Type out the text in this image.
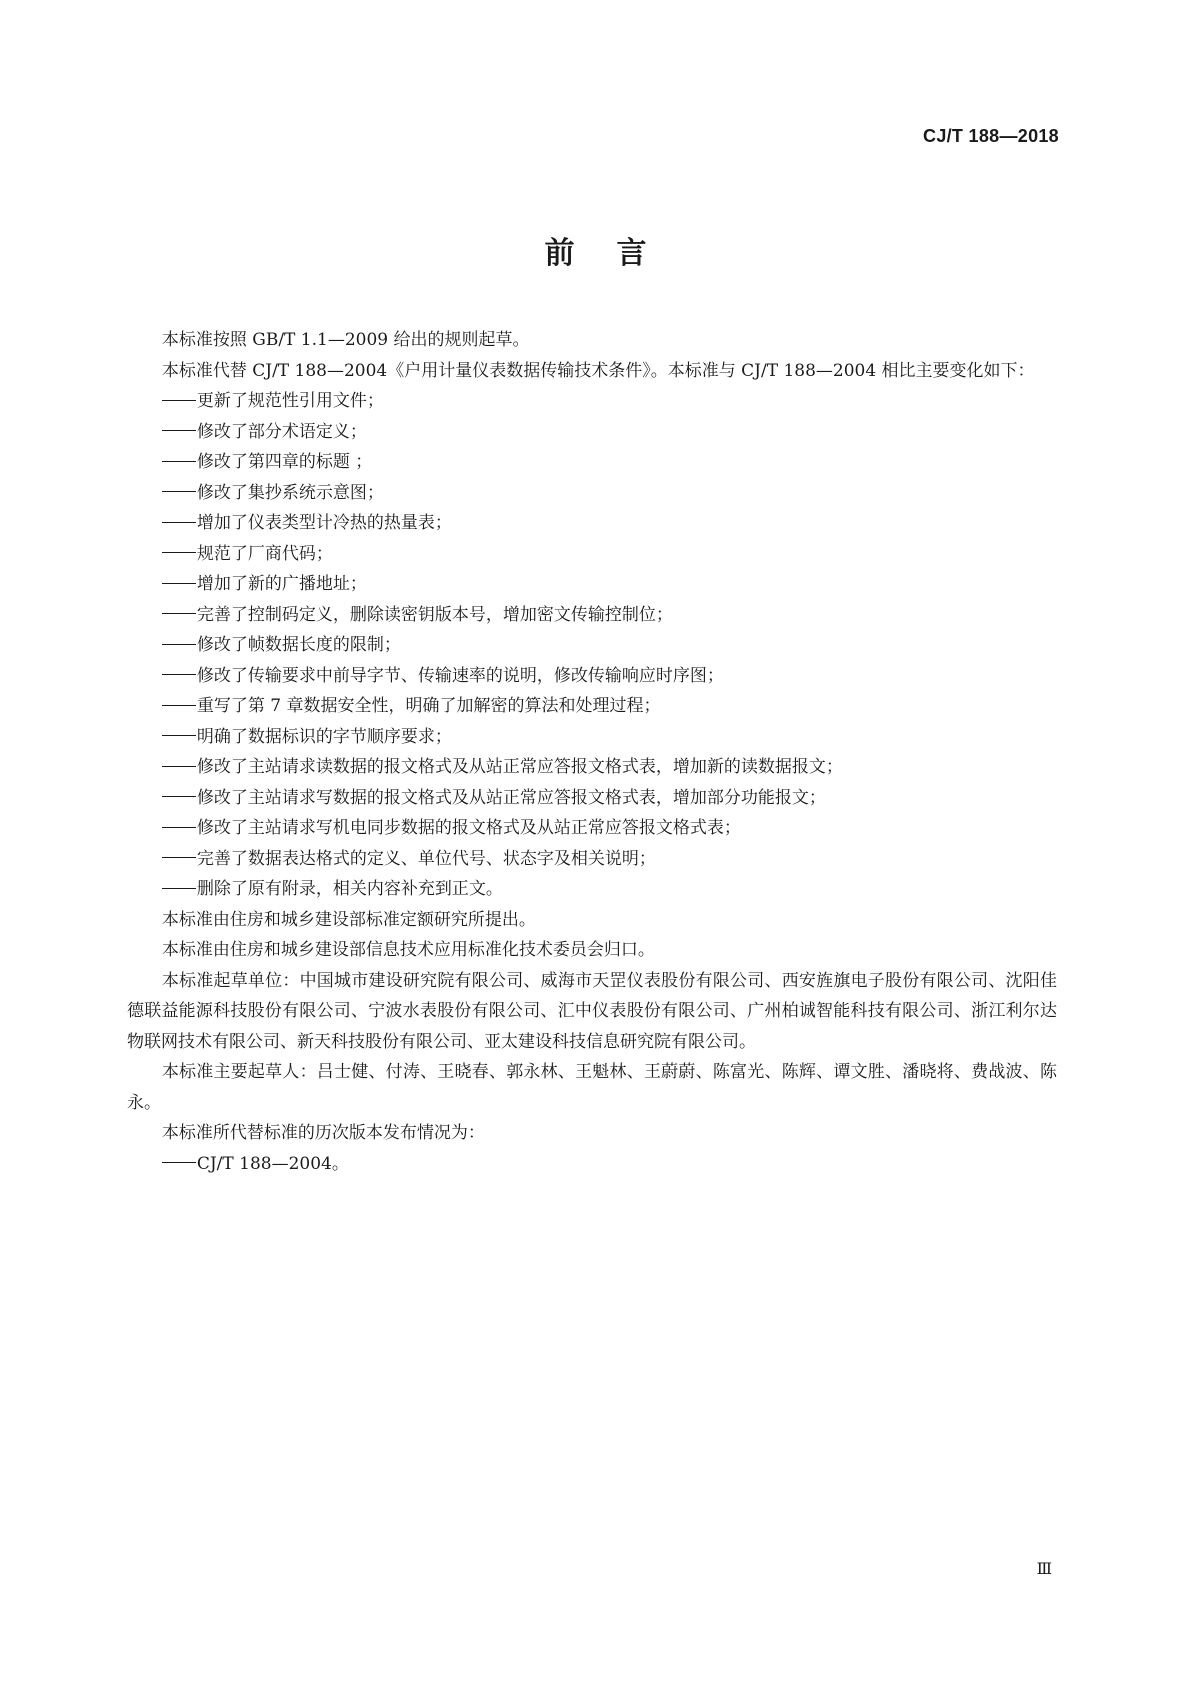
CJ/T 188—2018
前言

本标准按照 GB/T 1.1—2009 给出的规则起草。

本标准代替 CJ/T 188—2004《户用计量仪表数据传输技术条件》。本标准与 CJ/T 188—2004 相比主要变化如下：

更新了规范性引用文件；

修改了部分术语定义；

修改了第四章的标题 ；

修改了集抄系统示意图；

增加了仪表类型计冷热的热量表；

规范了厂商代码；

增加了新的广播地址；

完善了控制码定义，删除读密钥版本号，增加密文传输控制位；

修改了帧数据长度的限制；

修改了传输要求中前导字节、传输速率的说明，修改传输响应时序图；

重写了第 7 章数据安全性，明确了加解密的算法和处理过程；

明确了数据标识的字节顺序要求；

修改了主站请求读数据的报文格式及从站正常应答报文格式表，增加新的读数据报文；

修改了主站请求写数据的报文格式及从站正常应答报文格式表，增加部分功能报文；

修改了主站请求写机电同步数据的报文格式及从站正常应答报文格式表；

完善了数据表达格式的定义、单位代号、状态字及相关说明；

删除了原有附录，相关内容补充到正文。

本标准由住房和城乡建设部标准定额研究所提出。

本标准由住房和城乡建设部信息技术应用标准化技术委员会归口。

本标准起草单位：中国城市建设研究院有限公司、威海市天罡仪表股份有限公司、西安旌旗电子股份有限公司、沈阳佳德联益能源科技股份有限公司、宁波水表股份有限公司、汇中仪表股份有限公司、广州柏诚智能科技有限公司、浙江利尔达物联网技术有限公司、新天科技股份有限公司、亚太建设科技信息研究院有限公司。

本标准主要起草人：吕士健、付涛、王晓春、郭永林、王魁林、王蔚蔚、陈富光、陈辉、谭文胜、潘晓将、费战波、陈永。

本标准所代替标准的历次版本发布情况为：

CJ/T 188—2004。

Ⅲ
